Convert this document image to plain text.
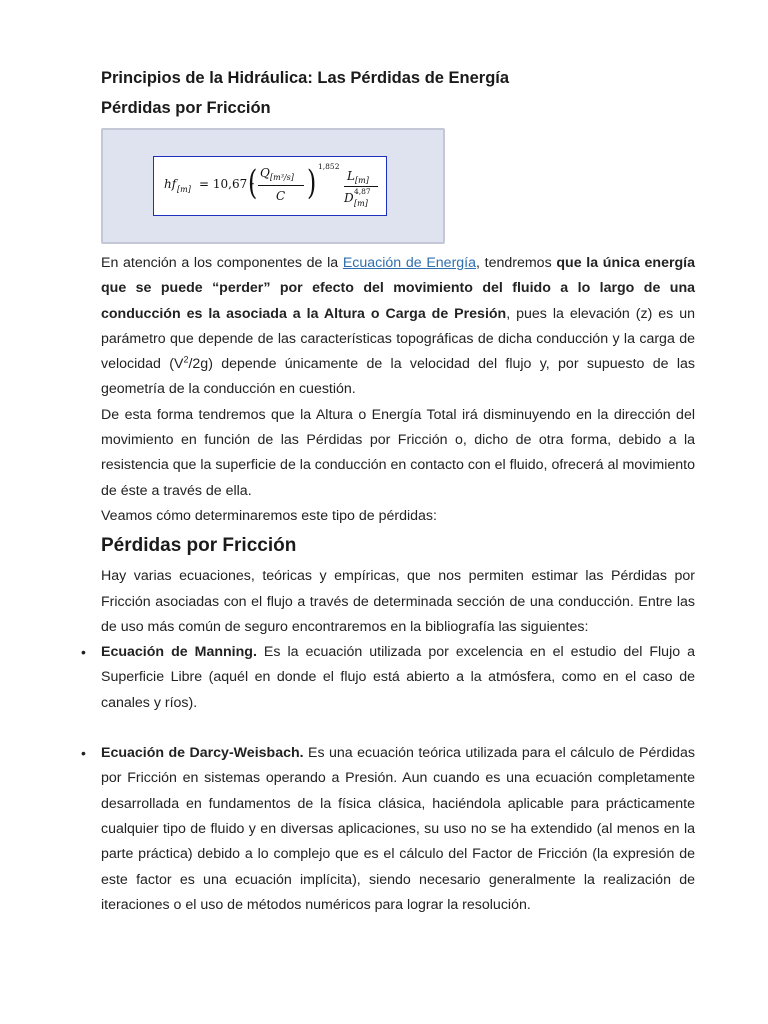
Principios de la Hidráulica: Las Pérdidas de Energía
Pérdidas por Fricción
hf [m] = 10,67 ·
( Q [m³/s]
C ) 1,852
L [m]
D 4,87
[m]

En atención a los componentes de la Ecuación de Energía, tendremos que la única energía que se puede “perder” por efecto del movimiento del fluido a lo largo de una conducción es la asociada a la Altura o Carga de Presión, pues la elevación (z) es un parámetro que depende de las características topográficas de dicha conducción y la carga de velocidad $(V^2/2g)$ depende únicamente de la velocidad del flujo y, por supuesto de las geometría de la conducción en cuestión.

De esta forma tendremos que la Altura o Energía Total irá disminuyendo en la dirección del movimiento en función de las Pérdidas por Fricción o, dicho de otra forma, debido a la resistencia que la superficie de la conducción en contacto con el fluido, ofrecerá al movimiento de éste a través de ella.

Veamos cómo determinaremos este tipo de pérdidas:

Pérdidas por Fricción

Hay varias ecuaciones, teóricas y empíricas, que nos permiten estimar las Pérdidas por Fricción asociadas con el flujo a través de determinada sección de una conducción. Entre las de uso más común de seguro encontraremos en la bibliografía las siguientes:

• Ecuación de Manning. Es la ecuación utilizada por excelencia en el estudio del Flujo a Superficie Libre (aquél en donde el flujo está abierto a la atmósfera, como en el caso de canales y ríos).
• Ecuación de Darcy-Weisbach. Es una ecuación teórica utilizada para el cálculo de Pérdidas por Fricción en sistemas operando a Presión. Aun cuando es una ecuación completamente desarrollada en fundamentos de la física clásica, haciéndola aplicable para prácticamente cualquier tipo de fluido y en diversas aplicaciones, su uso no se ha extendido (al menos en la parte práctica) debido a lo complejo que es el cálculo del Factor de Fricción (la expresión de este factor es una ecuación implícita), siendo necesario generalmente la realización de iteraciones o el uso de métodos numéricos para lograr la resolución.
